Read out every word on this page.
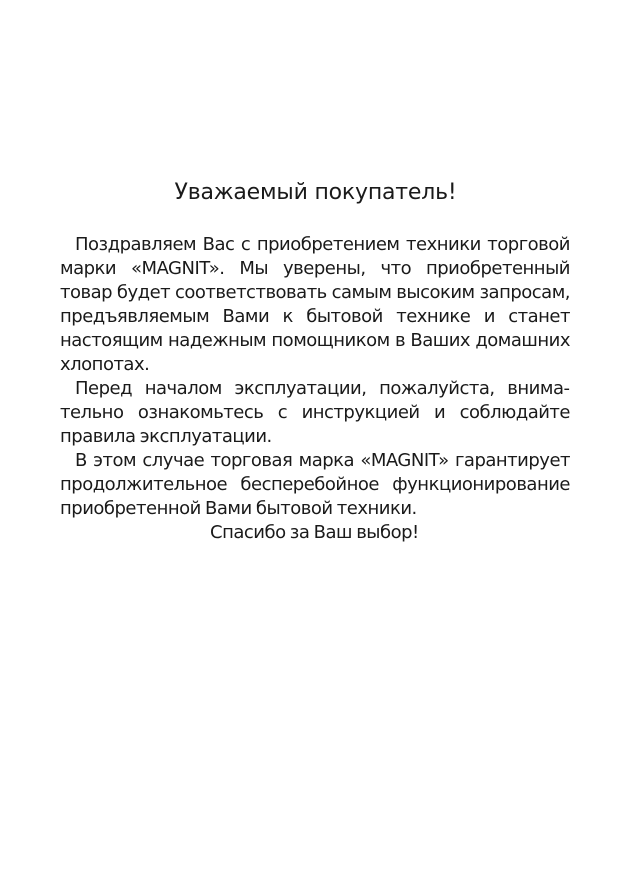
Уважаемый покупатель!

Поздравляем Вас с приобретением техники торговой марки «MAGNIT». Мы уверены, что приобретенный товар будет соответствовать самым высоким запросам, предъявляемым Вами к бытовой технике и станет настоящим надежным помощником в Ваших домашних хлопотах.

Перед началом эксплуатации, пожалуйста, внимательно ознакомьтесь с инструкцией и соблюдайте правила эксплуатации.

В этом случае торговая марка «MAGNIT» гарантирует продолжительное бесперебойное функционирование приобретенной Вами бытовой техники.

Спасибо за Ваш выбор!
